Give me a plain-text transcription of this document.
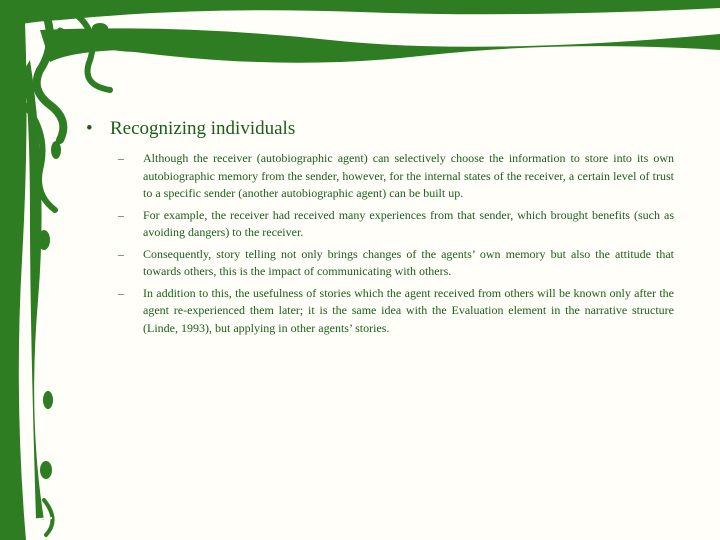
• Recognizing individuals
– Although the receiver (autobiographic agent) can selectively choose the information to store into its own autobiographic memory from the sender, however, for the internal states of the receiver, a certain level of trust to a specific sender (another autobiographic agent) can be built up.
– For example, the receiver had received many experiences from that sender, which brought benefits (such as avoiding dangers) to the receiver.
– Consequently, story telling not only brings changes of the agents’ own memory but also the attitude that towards others, this is the impact of communicating with others.
– In addition to this, the usefulness of stories which the agent received from others will be known only after the agent re-experienced them later; it is the same idea with the Evaluation element in the narrative structure (Linde, 1993), but applying in other agents’ stories.
